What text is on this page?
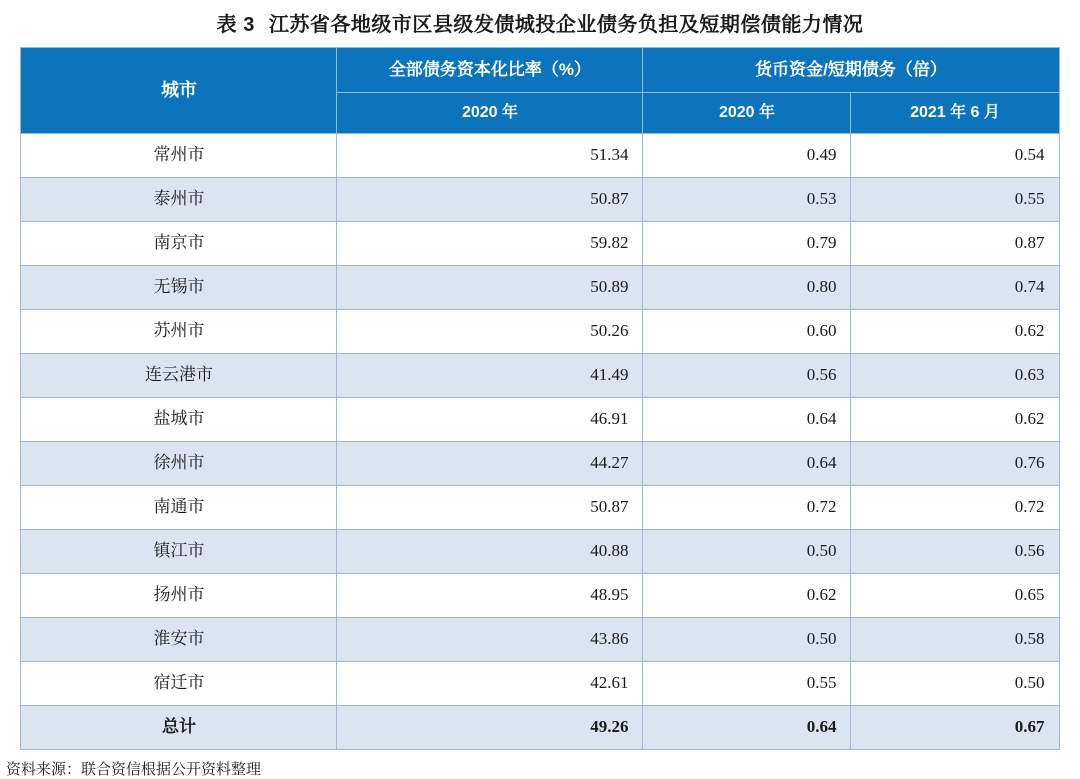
表 3 江苏省各地级市区县级发债城投企业债务负担及短期偿债能力情况
城市	全部债务资本化比率（%）	货币资金/短期债务（倍）	
	2020 年	2020 年	2021 年 6 月
常州市	51.34	0.49	0.54
泰州市	50.87	0.53	0.55
南京市	59.82	0.79	0.87
无锡市	50.89	0.80	0.74
苏州市	50.26	0.60	0.62
连云港市	41.49	0.56	0.63
盐城市	46.91	0.64	0.62
徐州市	44.27	0.64	0.76
南通市	50.87	0.72	0.72
镇江市	40.88	0.50	0.56
扬州市	48.95	0.62	0.65
淮安市	43.86	0.50	0.58
宿迁市	42.61	0.55	0.50
总计	49.26	0.64	0.67
资料来源：联合资信根据公开资料整理
